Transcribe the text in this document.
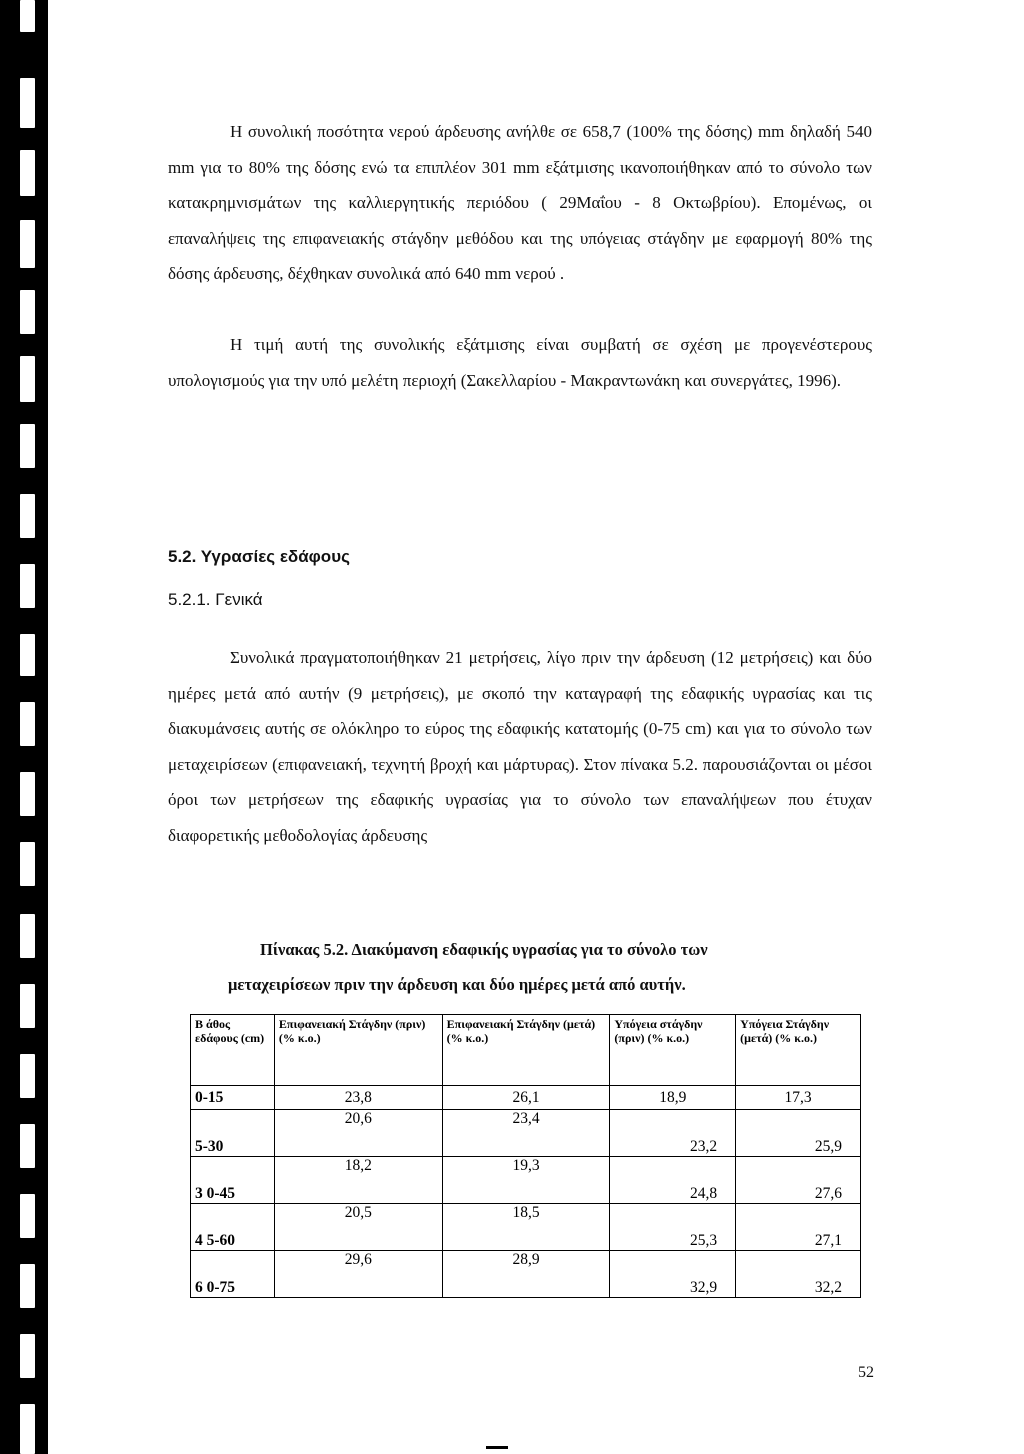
Η συνολική ποσότητα νερού άρδευσης ανήλθε σε 658,7 (100% της δόσης) mm δηλαδή 540 mm για το 80% της δόσης ενώ τα επιπλέον 301 mm εξάτμισης ικανοποιήθηκαν από το σύνολο των κατακρημνισμάτων της καλλιεργητικής περιόδου ( 29Μαΐου - 8 Οκτωβρίου). Επομένως, οι επαναλήψεις της επιφανειακής στάγδην μεθόδου και της υπόγειας στάγδην με εφαρμογή 80% της δόσης άρδευσης, δέχθηκαν συνολικά από 640 mm νερού .

Η τιμή αυτή της συνολικής εξάτμισης είναι συμβατή σε σχέση με προγενέστερους υπολογισμούς για την υπό μελέτη περιοχή (Σακελλαρίου - Μακραντωνάκη και συνεργάτες, 1996).

5.2. Υγρασίες εδάφους

5.2.1. Γενικά

Συνολικά πραγματοποιήθηκαν 21 μετρήσεις, λίγο πριν την άρδευση (12 μετρήσεις) και δύο ημέρες μετά από αυτήν (9 μετρήσεις), με σκοπό την καταγραφή της εδαφικής υγρασίας και τις διακυμάνσεις αυτής σε ολόκληρο το εύρος της εδαφικής κατατομής (0-75 cm) και για το σύνολο των μεταχειρίσεων (επιφανειακή, τεχνητή βροχή και μάρτυρας). Στον πίνακα 5.2. παρουσιάζονται οι μέσοι όροι των μετρήσεων της εδαφικής υγρασίας για το σύνολο των επαναλήψεων που έτυχαν διαφορετικής μεθοδολογίας άρδευσης

Πίνακας 5.2. Διακύμανση εδαφικής υγρασίας για το σύνολο των
μεταχειρίσεων πριν την άρδευση και δύο ημέρες μετά από αυτήν.

Β άθος εδάφους (cm)	Επιφανειακή Στάγδην (πριν)(% κ.ο.)	Επιφανειακή Στάγδην (μετά) (% κ.ο.)	Υπόγεια στάγδην (πριν) (% κ.ο.)	Υπόγεια Στάγδην (μετά) (% κ.ο.)
0-15	23,8	26,1	18,9	17,3
5-30	20,6	23,4	23,2	25,9
3 0-45	18,2	19,3	24,8	27,6
4 5-60	20,5	18,5	25,3	27,1
6 0-75	29,6	28,9	32,9	32,2

52
